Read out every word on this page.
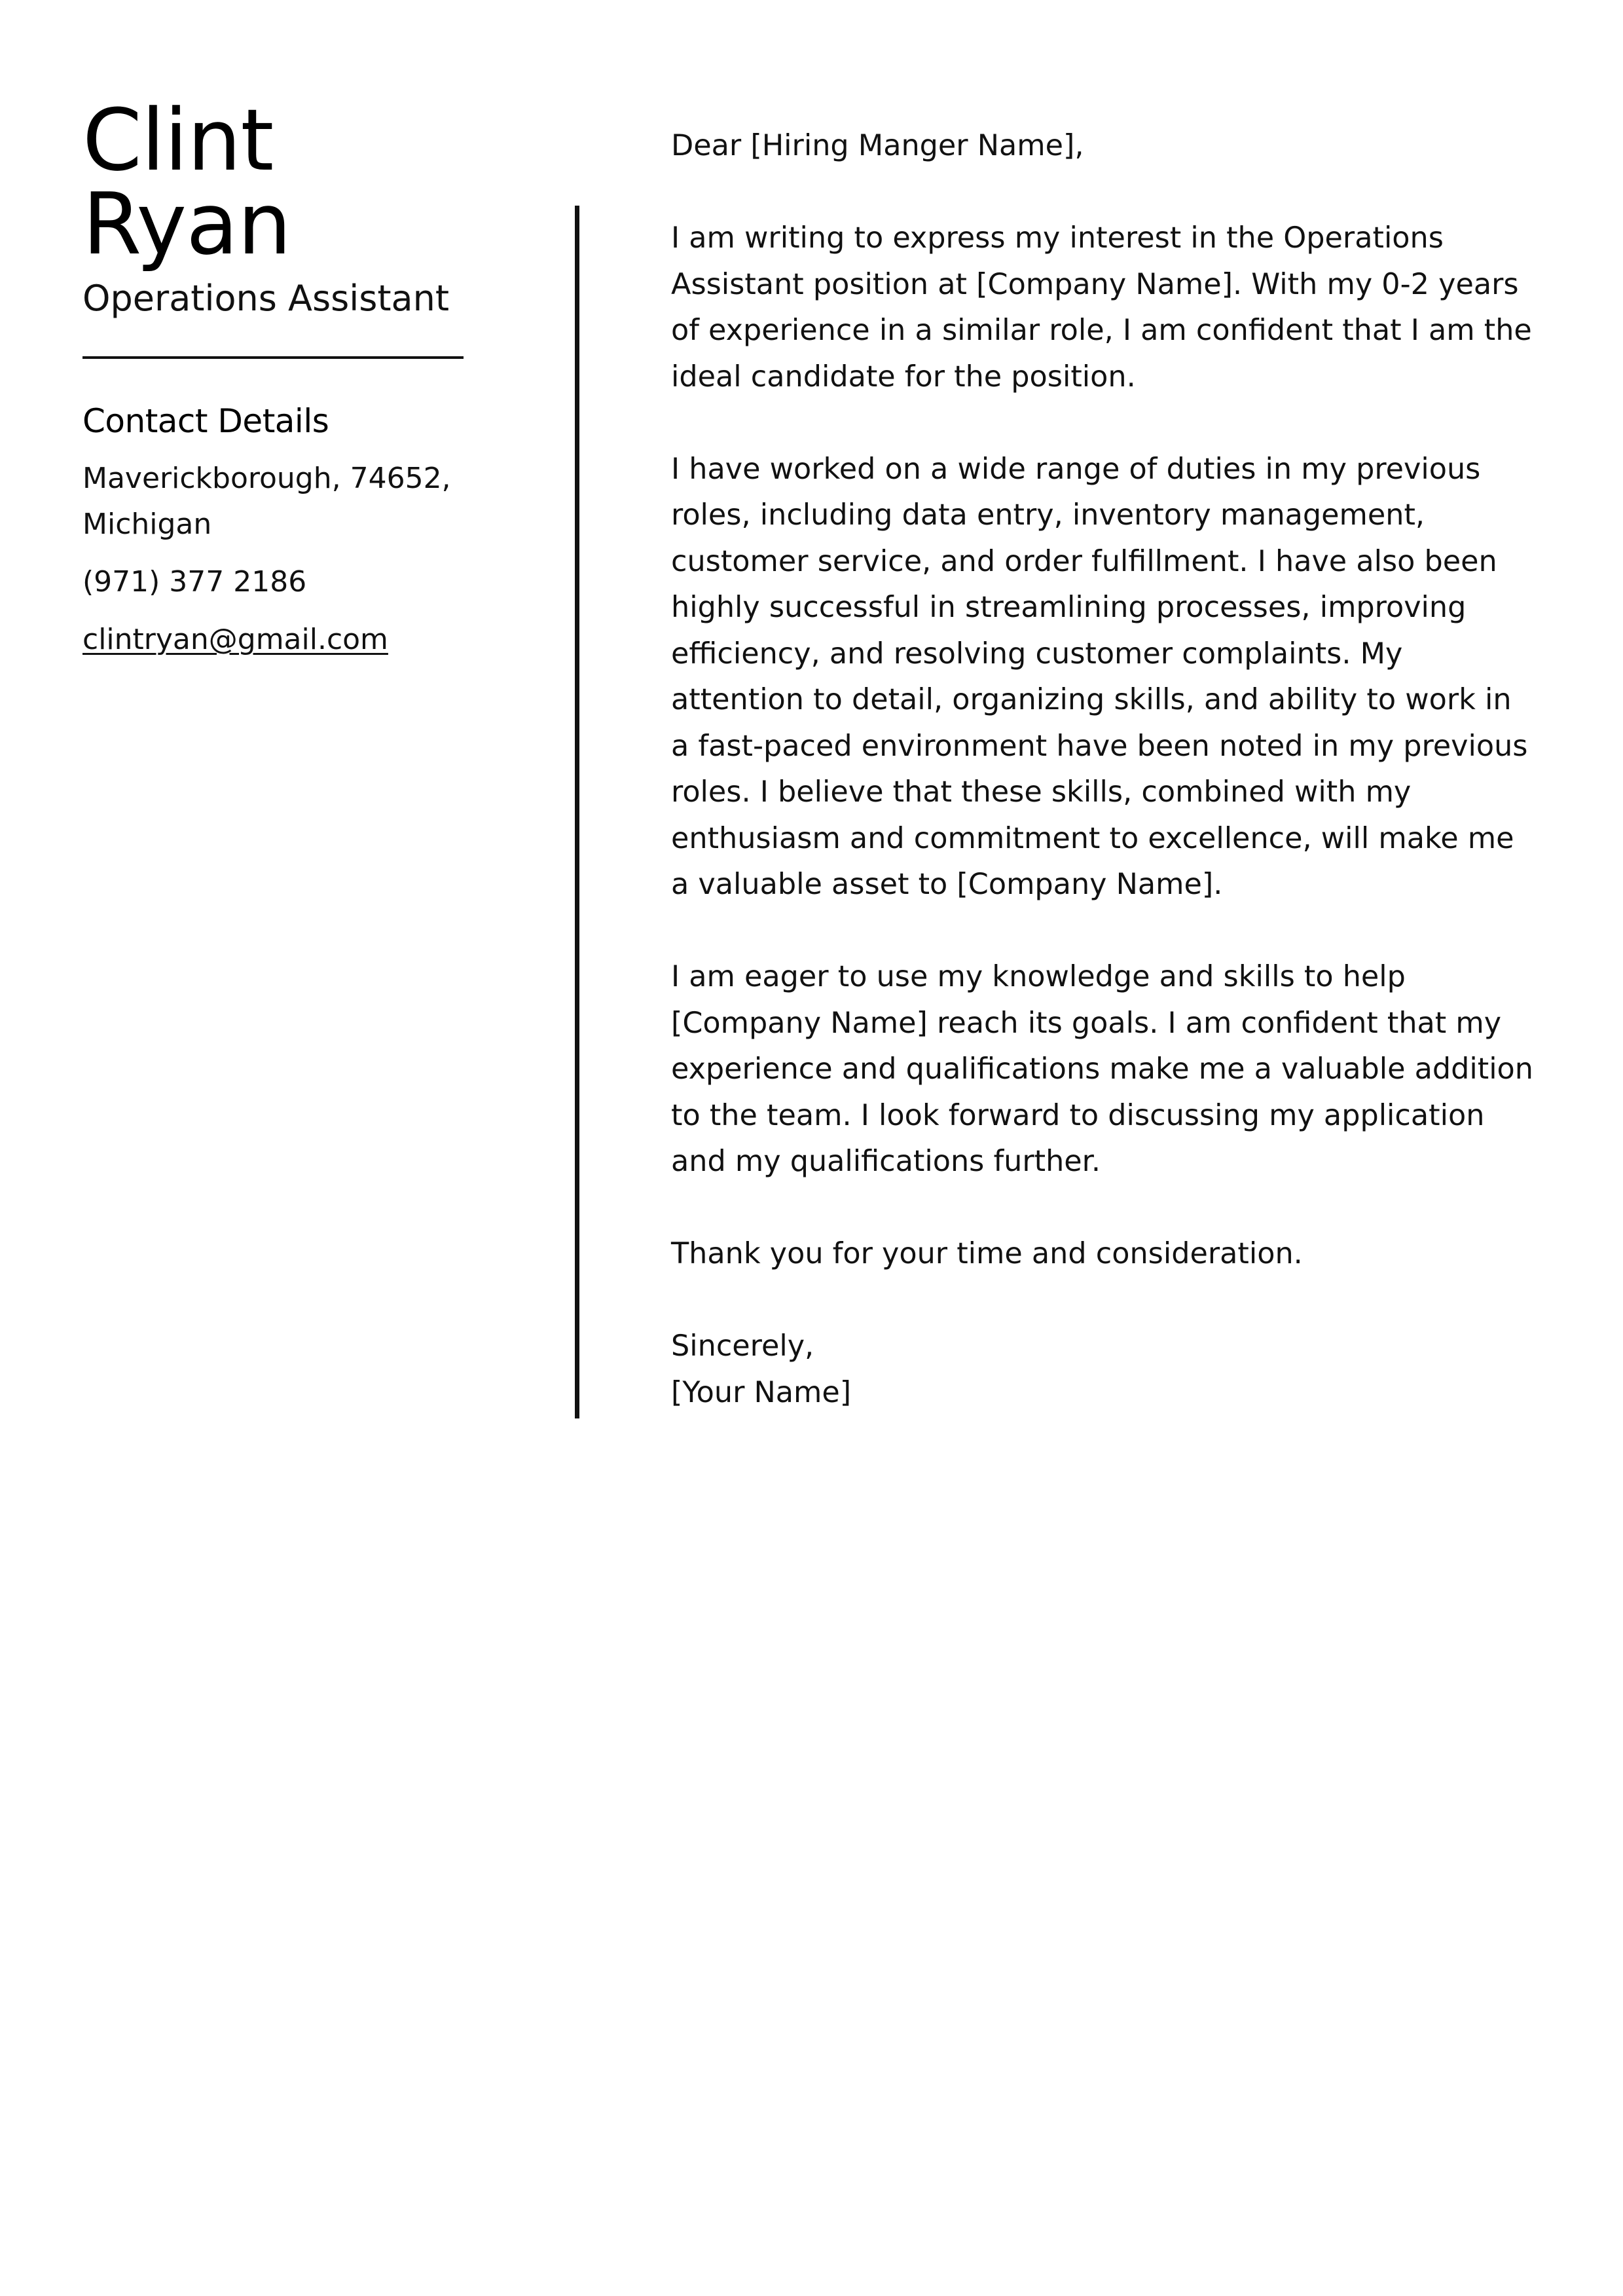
Clint
Ryan
Operations Assistant
Contact Details
Maverickborough, 74652,
Michigan
(971) 377 2186
clintryan@gmail.com

Dear [Hiring Manger Name],

I am writing to express my interest in the Operations Assistant position at [Company Name]. With my 0-2 years of experience in a similar role, I am confident that I am the ideal candidate for the position.

I have worked on a wide range of duties in my previous roles, including data entry, inventory management, customer service, and order fulfillment. I have also been highly successful in streamlining processes, improving efficiency, and resolving customer complaints. My attention to detail, organizing skills, and ability to work in a fast-paced environment have been noted in my previous roles. I believe that these skills, combined with my enthusiasm and commitment to excellence, will make me a valuable asset to [Company Name].

I am eager to use my knowledge and skills to help [Company Name] reach its goals. I am confident that my experience and qualifications make me a valuable addition to the team. I look forward to discussing my application and my qualifications further.

Thank you for your time and consideration.

Sincerely,

[Your Name]
